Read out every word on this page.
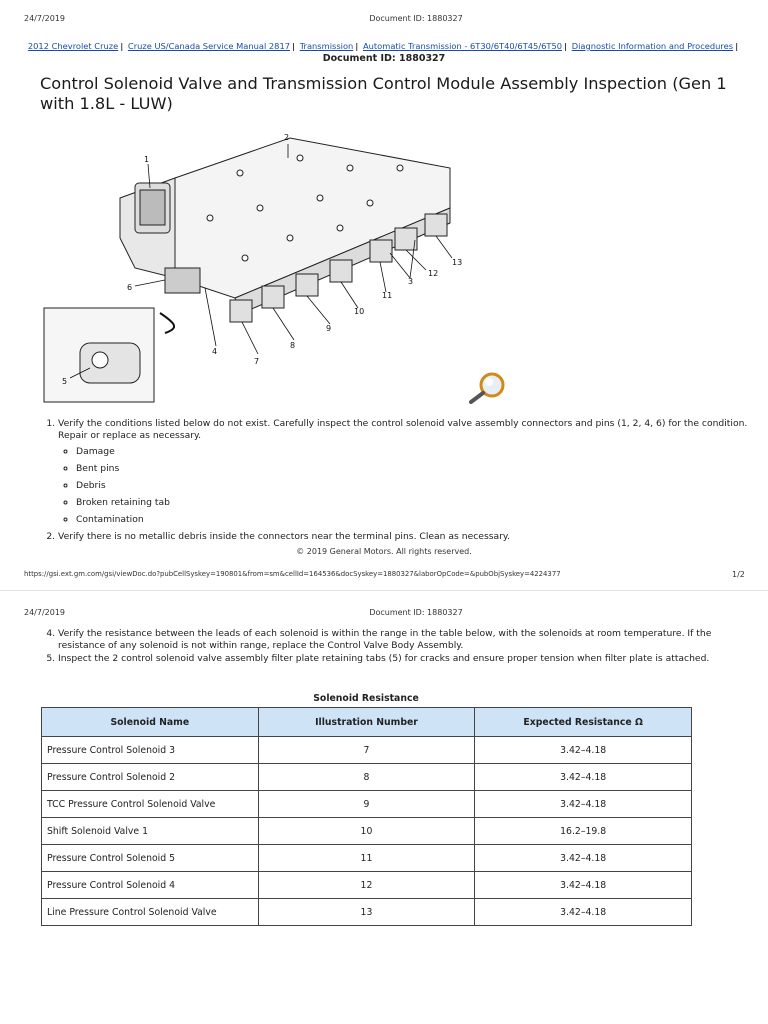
24/7/2019	Document ID: 1880327
2012 Chevrolet Cruze | Cruze US/Canada Service Manual 2817 | Transmission | Automatic Transmission - 6T30/6T40/6T45/6T50 | Diagnostic Information and Procedures |
Document ID: 1880327
Control Solenoid Valve and Transmission Control Module Assembly Inspection (Gen 1 with 1.8L - LUW)
1
2
3
4
5
6
7
8
9
10
11
12
13
1. Verify the conditions listed below do not exist. Carefully inspect the control solenoid valve assembly connectors and pins (1, 2, 4, 6) for the condition. Repair or replace as necessary.
◦ Damage
◦ Bent pins
◦ Debris
◦ Broken retaining tab
◦ Contamination
2. Verify there is no metallic debris inside the connectors near the terminal pins. Clean as necessary.
© 2019 General Motors. All rights reserved.
https://gsi.ext.gm.com/gsi/viewDoc.do?pubCellSyskey=190801&from=sm&cellId=164536&docSyskey=1880327&laborOpCode=&pubObjSyskey=4224377	1/2
24/7/2019	Document ID: 1880327
4. Verify the resistance between the leads of each solenoid is within the range in the table below, with the solenoids at room temperature. If the resistance of any solenoid is not within range, replace the Control Valve Body Assembly.
5. Inspect the 2 control solenoid valve assembly filter plate retaining tabs (5) for cracks and ensure proper tension when filter plate is attached.
Solenoid Resistance
Solenoid Name	Illustration Number	Expected Resistance Ω
Pressure Control Solenoid 3	7	3.42–4.18
Pressure Control Solenoid 2	8	3.42–4.18
TCC Pressure Control Solenoid Valve	9	3.42–4.18
Shift Solenoid Valve 1	10	16.2–19.8
Pressure Control Solenoid 5	11	3.42–4.18
Pressure Control Solenoid 4	12	3.42–4.18
Line Pressure Control Solenoid Valve	13	3.42–4.18
